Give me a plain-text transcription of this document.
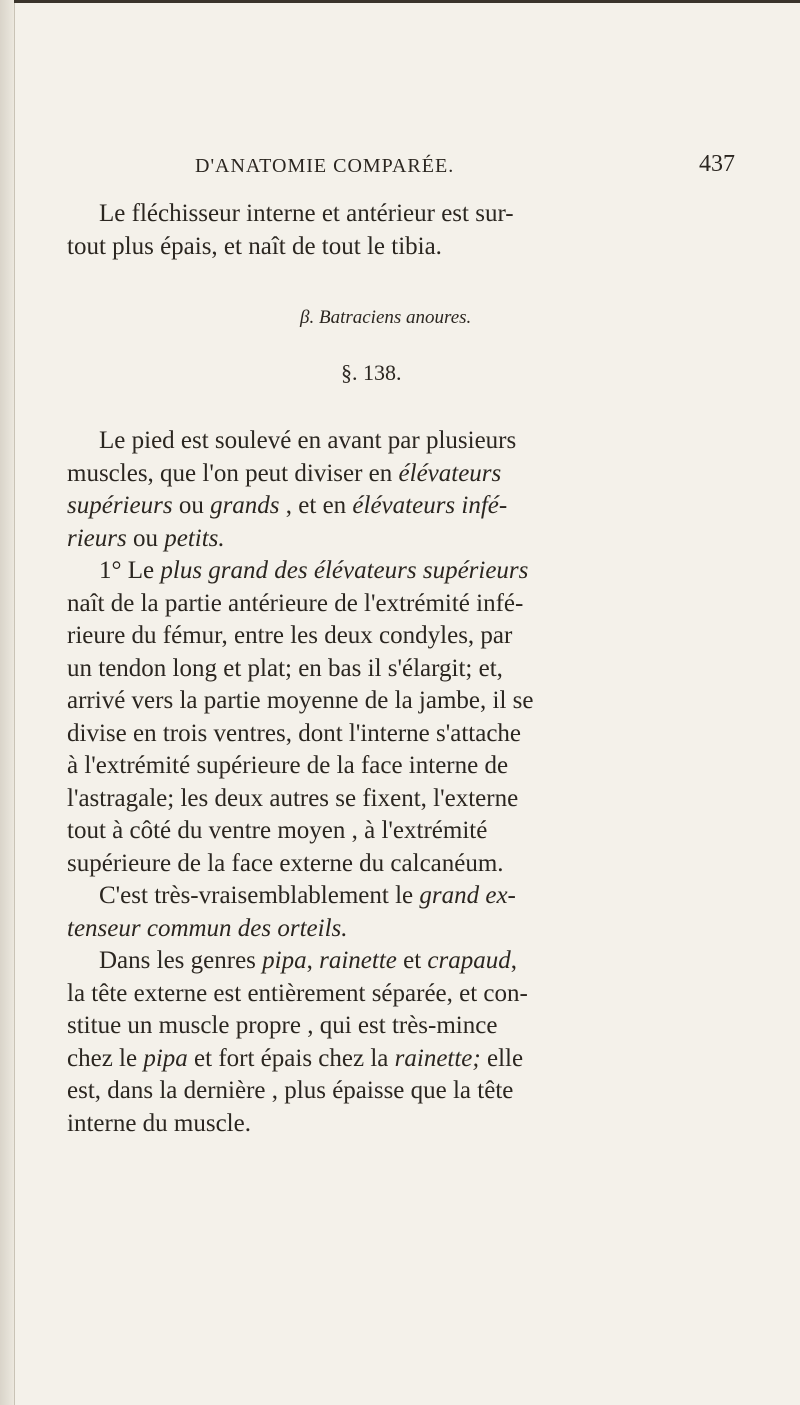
D'ANATOMIE COMPARÉE.	437

Le fléchisseur interne et antérieur est sur-

tout plus épais, et naît de tout le tibia.

β. Batraciens anoures.
§. 138.

Le pied est soulevé en avant par plusieurs

muscles, que l'on peut diviser en élévateurs

supérieurs ou grands , et en élévateurs infé-

rieurs ou petits.

1° Le plus grand des élévateurs supérieurs

naît de la partie antérieure de l'extrémité infé-

rieure du fémur, entre les deux condyles, par

un tendon long et plat; en bas il s'élargit; et,

arrivé vers la partie moyenne de la jambe, il se

divise en trois ventres, dont l'interne s'attache

à l'extrémité supérieure de la face interne de

l'astragale; les deux autres se fixent, l'externe

tout à côté du ventre moyen , à l'extrémité

supérieure de la face externe du calcanéum.

C'est très-vraisemblablement le grand ex-

tenseur commun des orteils.

Dans les genres pipa, rainette et crapaud,

la tête externe est entièrement séparée, et con-

stitue un muscle propre , qui est très-mince

chez le pipa et fort épais chez la rainette; elle

est, dans la dernière , plus épaisse que la tête

interne du muscle.
